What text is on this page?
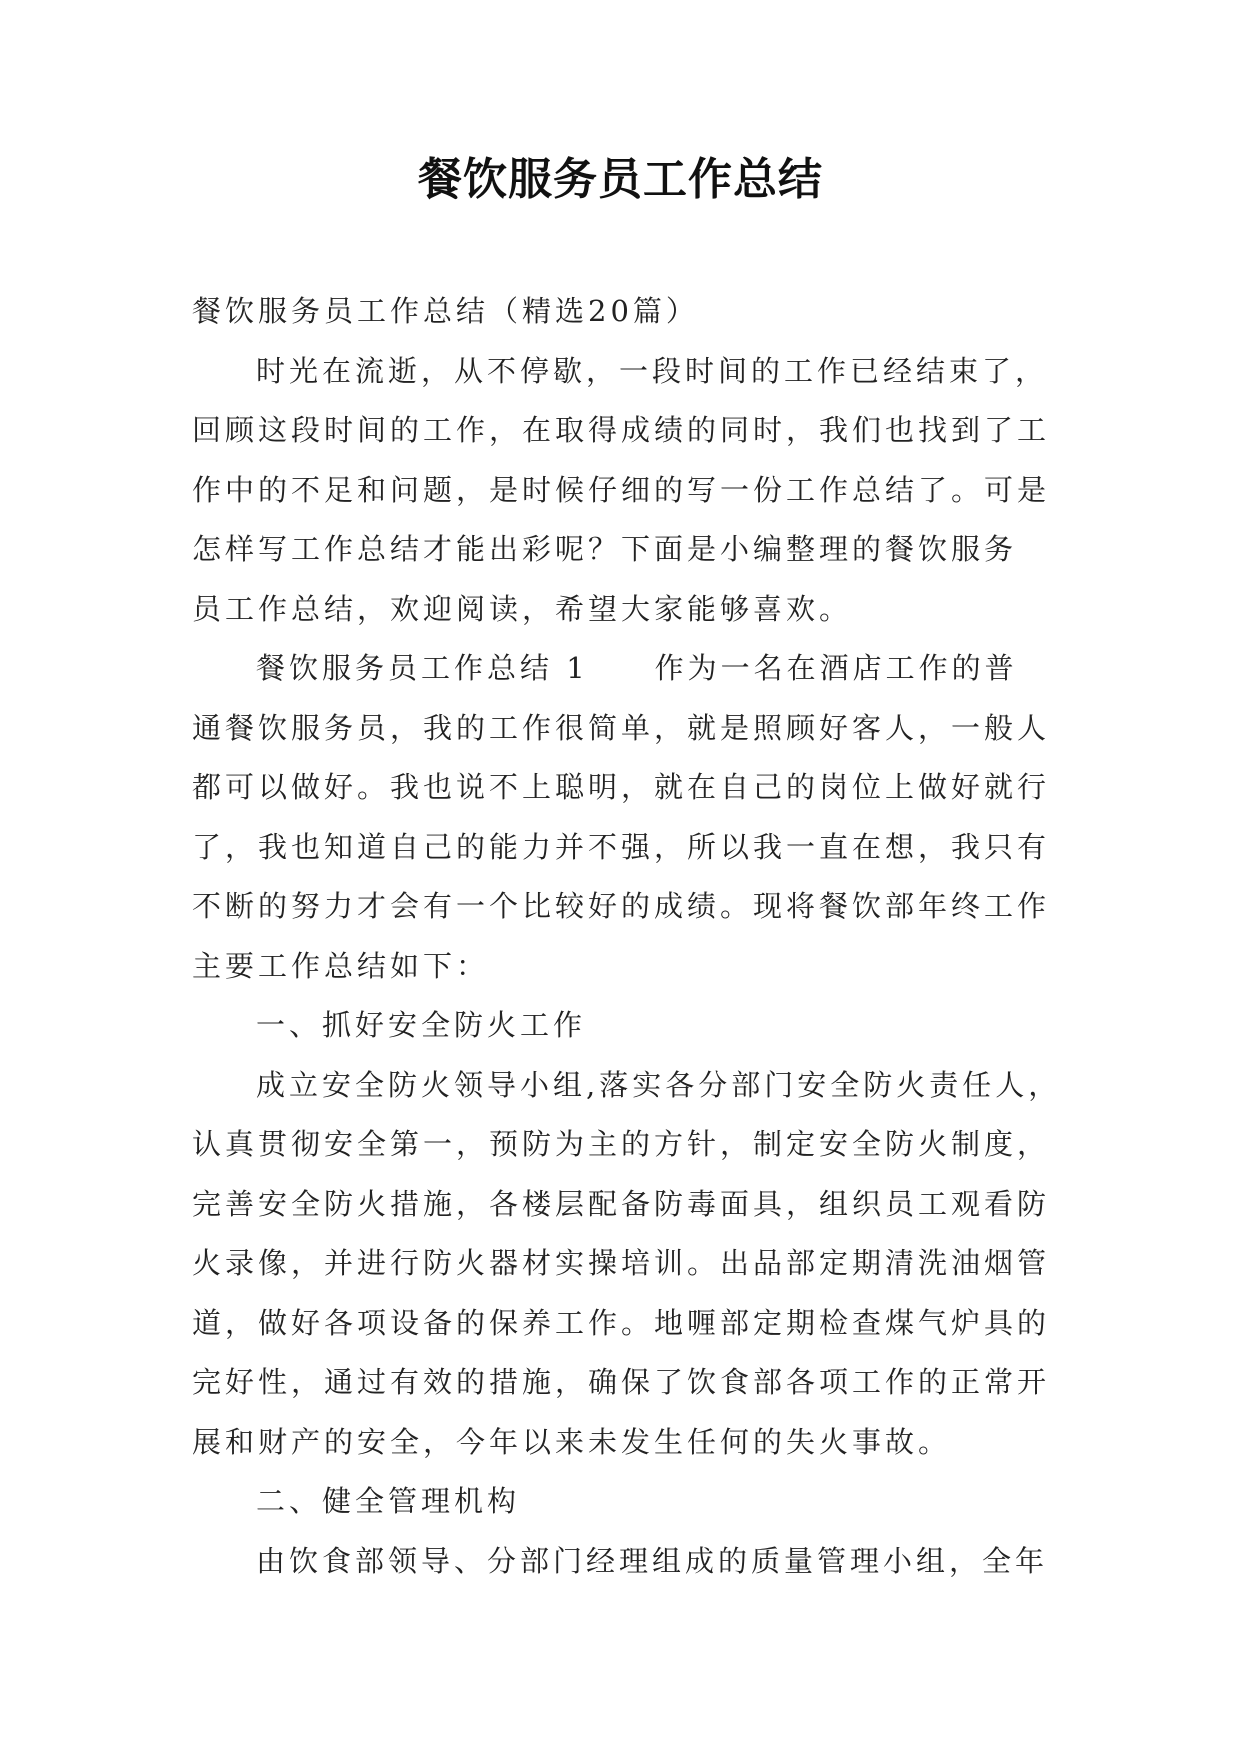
餐饮服务员工作总结
餐饮服务员工作总结（精选20篇）
时光在流逝，从不停歇，一段时间的工作已经结束了，
回顾这段时间的工作，在取得成绩的同时，我们也找到了工
作中的不足和问题，是时候仔细的写一份工作总结了。可是
怎样写工作总结才能出彩呢？下面是小编整理的餐饮服务
员工作总结，欢迎阅读，希望大家能够喜欢。
餐饮服务员工作总结 1　　作为一名在酒店工作的普
通餐饮服务员，我的工作很简单，就是照顾好客人，一般人
都可以做好。我也说不上聪明，就在自己的岗位上做好就行
了，我也知道自己的能力并不强，所以我一直在想，我只有
不断的努力才会有一个比较好的成绩。现将餐饮部年终工作
主要工作总结如下：
一、抓好安全防火工作
成立安全防火领导小组,落实各分部门安全防火责任人，
认真贯彻安全第一，预防为主的方针，制定安全防火制度，
完善安全防火措施，各楼层配备防毒面具，组织员工观看防
火录像，并进行防火器材实操培训。出品部定期清洗油烟管
道，做好各项设备的保养工作。地喱部定期检查煤气炉具的
完好性，通过有效的措施，确保了饮食部各项工作的正常开
展和财产的安全，今年以来未发生任何的失火事故。
二、健全管理机构
由饮食部领导、分部门经理组成的质量管理小组，全年
